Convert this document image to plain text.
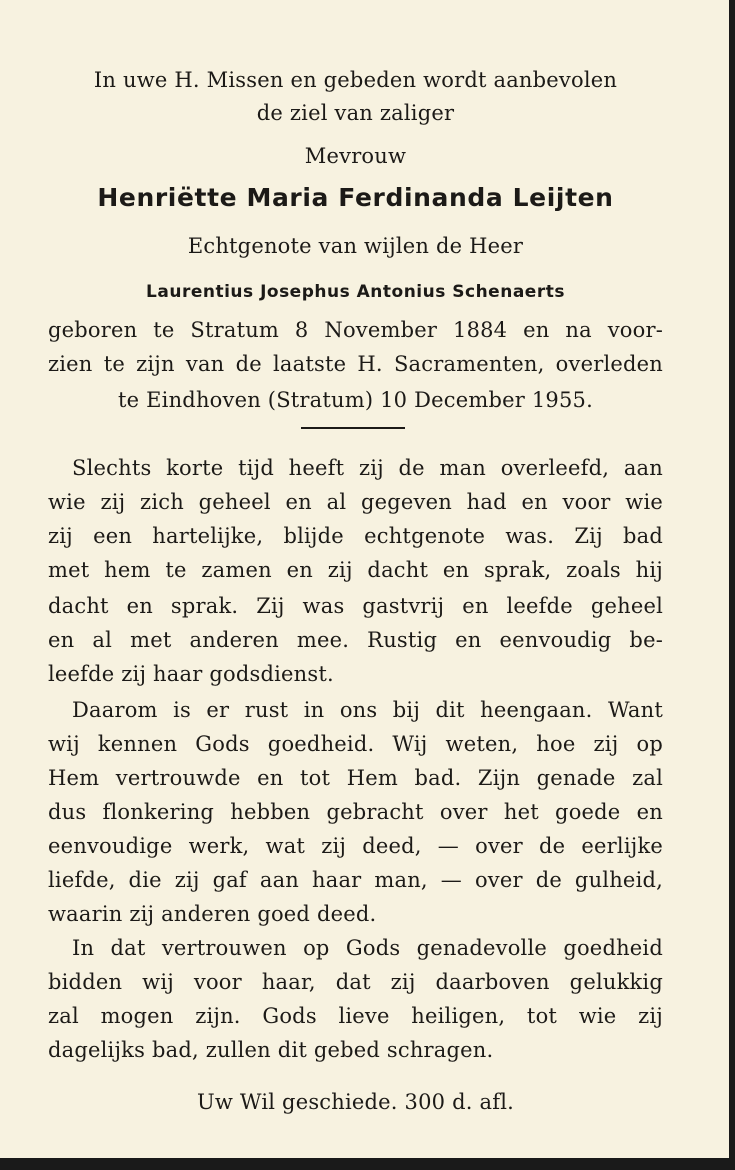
In uwe H. Missen en gebeden wordt aanbevolen
de ziel van zaliger
Mevrouw
Henriëtte Maria Ferdinanda Leijten
Echtgenote van wijlen de Heer
Laurentius Josephus Antonius Schenaerts
geboren te Stratum 8 November 1884 en na voor-
zien te zijn van de laatste H. Sacramenten, overleden
te Eindhoven (Stratum) 10 December 1955.
Slechts korte tijd heeft zij de man overleefd, aan
wie zij zich geheel en al gegeven had en voor wie
zij een hartelijke, blijde echtgenote was. Zij bad
met hem te zamen en zij dacht en sprak, zoals hij
dacht en sprak. Zij was gastvrij en leefde geheel
en al met anderen mee. Rustig en eenvoudig be-
leefde zij haar godsdienst.
Daarom is er rust in ons bij dit heengaan. Want
wij kennen Gods goedheid. Wij weten, hoe zij op
Hem vertrouwde en tot Hem bad. Zijn genade zal
dus flonkering hebben gebracht over het goede en
eenvoudige werk, wat zij deed, — over de eerlijke
liefde, die zij gaf aan haar man, — over de gulheid,
waarin zij anderen goed deed.
In dat vertrouwen op Gods genadevolle goedheid
bidden wij voor haar, dat zij daarboven gelukkig
zal mogen zijn. Gods lieve heiligen, tot wie zij
dagelijks bad, zullen dit gebed schragen.
Uw Wil geschiede. 300 d. afl.
